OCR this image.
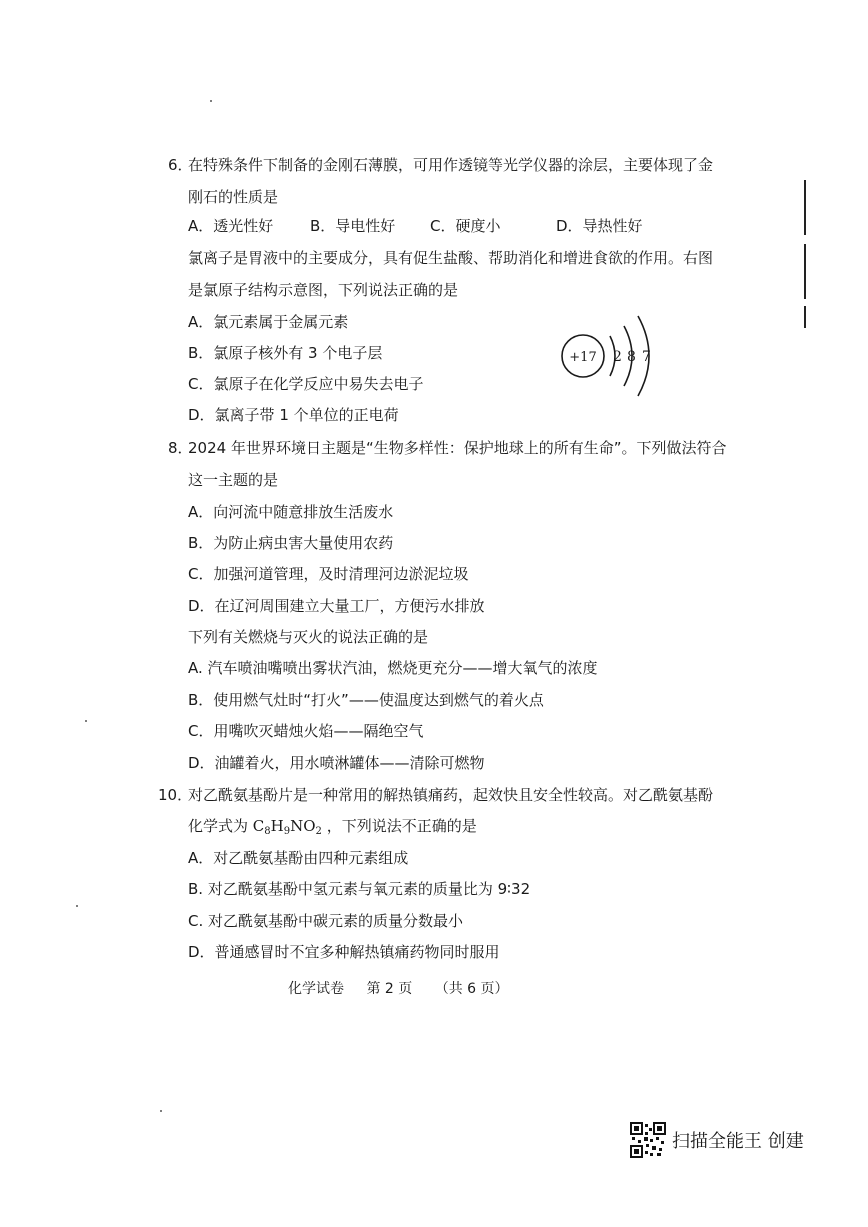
6．
在特殊条件下制备的金刚石薄膜，可用作透镜等光学仪器的涂层，主要体现了金
刚石的性质是
A．透光性好 B．导电性好 C．硬度小	D．导热性好
氯离子是胃液中的主要成分，具有促生盐酸、帮助消化和增进食欲的作用。右图
是氯原子结构示意图，下列说法正确的是
A．氯元素属于金属元素
B．氯原子核外有 3 个电子层
C．氯原子在化学反应中易失去电子
D．氯离子带 1 个单位的正电荷
+17 2 8 7
8．
2024 年世界环境日主题是“生物多样性：保护地球上的所有生命”。下列做法符合
这一主题的是
A．向河流中随意排放生活废水
B．为防止病虫害大量使用农药
C．加强河道管理，及时清理河边淤泥垃圾
D．在辽河周围建立大量工厂，方便污水排放
下列有关燃烧与灭火的说法正确的是
A. 汽车喷油嘴喷出雾状汽油，燃烧更充分——增大氧气的浓度
B．使用燃气灶时“打火”——使温度达到燃气的着火点
C．用嘴吹灭蜡烛火焰——隔绝空气
D．油罐着火，用水喷淋罐体——清除可燃物
10．
对乙酰氨基酚片是一种常用的解热镇痛药，起效快且安全性较高。对乙酰氨基酚
化学式为 $C_8H_9NO_2$ ，下列说法不正确的是
A．对乙酰氨基酚由四种元素组成
B. 对乙酰氨基酚中氢元素与氧元素的质量比为 9∶32
C. 对乙酰氨基酚中碳元素的质量分数最小
D．普通感冒时不宜多种解热镇痛药物同时服用
化学试卷 第 2 页 （共 6 页）
扫描全能王 创建
